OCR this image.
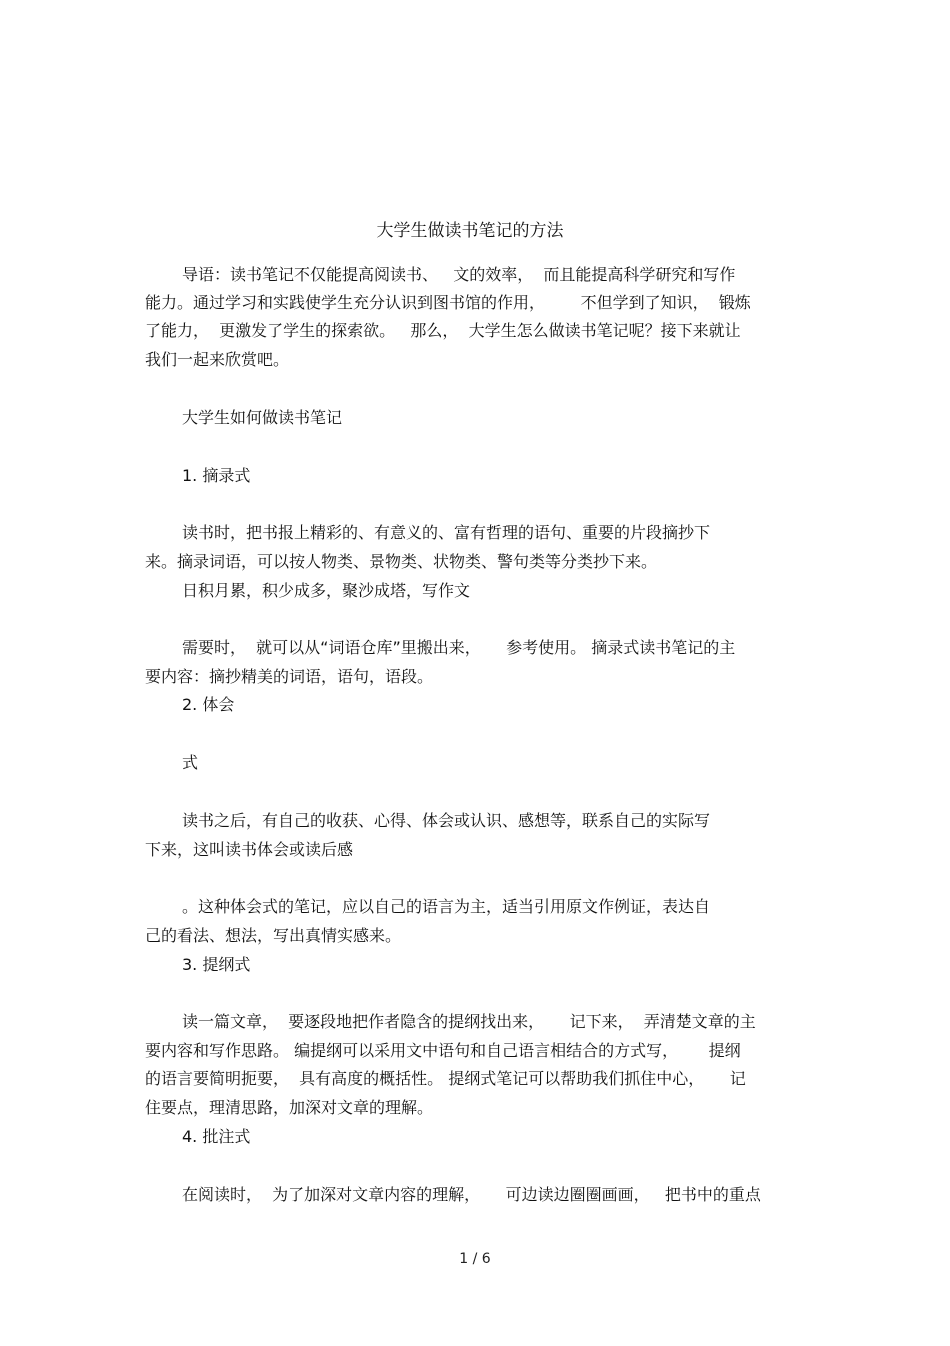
大学生做读书笔记的方法
导语：读书笔记不仅能提高阅读书、   文的效率，  而且能提高科学研究和写作
能力。通过学习和实践使学生充分认识到图书馆的作用，       不但学到了知识，  锻炼
了能力，  更激发了学生的探索欲。   那么，  大学生怎么做读书笔记呢？接下来就让
我们一起来欣赏吧。
大学生如何做读书笔记
1. 摘录式
读书时，把书报上精彩的、有意义的、富有哲理的语句、重要的片段摘抄下
来。摘录词语，可以按人物类、景物类、状物类、警句类等分类抄下来。
日积月累，积少成多，聚沙成塔，写作文
需要时，  就可以从“词语仓库”里搬出来，     参考使用。 摘录式读书笔记的主
要内容：摘抄精美的词语，语句，语段。
2. 体会
式
读书之后，有自己的收获、心得、体会或认识、感想等，联系自己的实际写
下来，这叫读书体会或读后感
。这种体会式的笔记，应以自己的语言为主，适当引用原文作例证，表达自
己的看法、想法，写出真情实感来。
3. 提纲式
读一篇文章，  要逐段地把作者隐含的提纲找出来，     记下来，  弄清楚文章的主
要内容和写作思路。 编提纲可以采用文中语句和自己语言相结合的方式写，      提纲
的语言要简明扼要，  具有高度的概括性。 提纲式笔记可以帮助我们抓住中心，     记
住要点，理清思路，加深对文章的理解。
4. 批注式
在阅读时，  为了加深对文章内容的理解，     可边读边圈圈画画，   把书中的重点
1 / 6
